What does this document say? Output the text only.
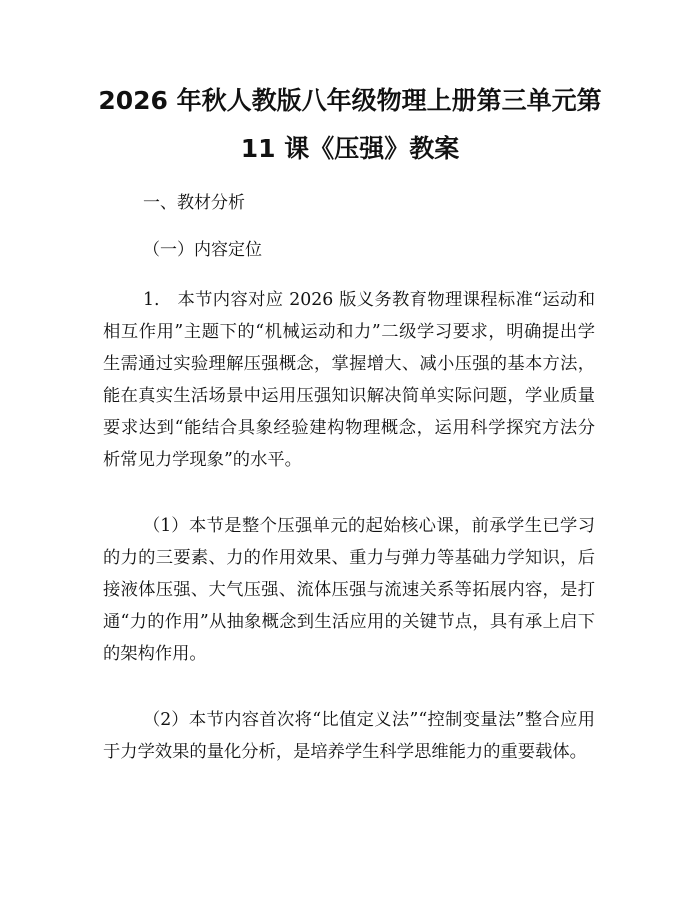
2026 年秋人教版八年级物理上册第三单元第
11 课《压强》教案
一、教材分析
（一）内容定位

1.　本节内容对应 2026 版义务教育物理课程标准“运动和相互作用”主题下的“机械运动和力”二级学习要求，明确提出学生需通过实验理解压强概念，掌握增大、减小压强的基本方法，能在真实生活场景中运用压强知识解决简单实际问题，学业质量要求达到“能结合具象经验建构物理概念，运用科学探究方法分析常见力学现象”的水平。

（1）本节是整个压强单元的起始核心课，前承学生已学习的力的三要素、力的作用效果、重力与弹力等基础力学知识，后接液体压强、大气压强、流体压强与流速关系等拓展内容，是打通“力的作用”从抽象概念到生活应用的关键节点，具有承上启下的架构作用。

（2）本节内容首次将“比值定义法”“控制变量法”整合应用于力学效果的量化分析，是培养学生科学思维能力的重要载体。
